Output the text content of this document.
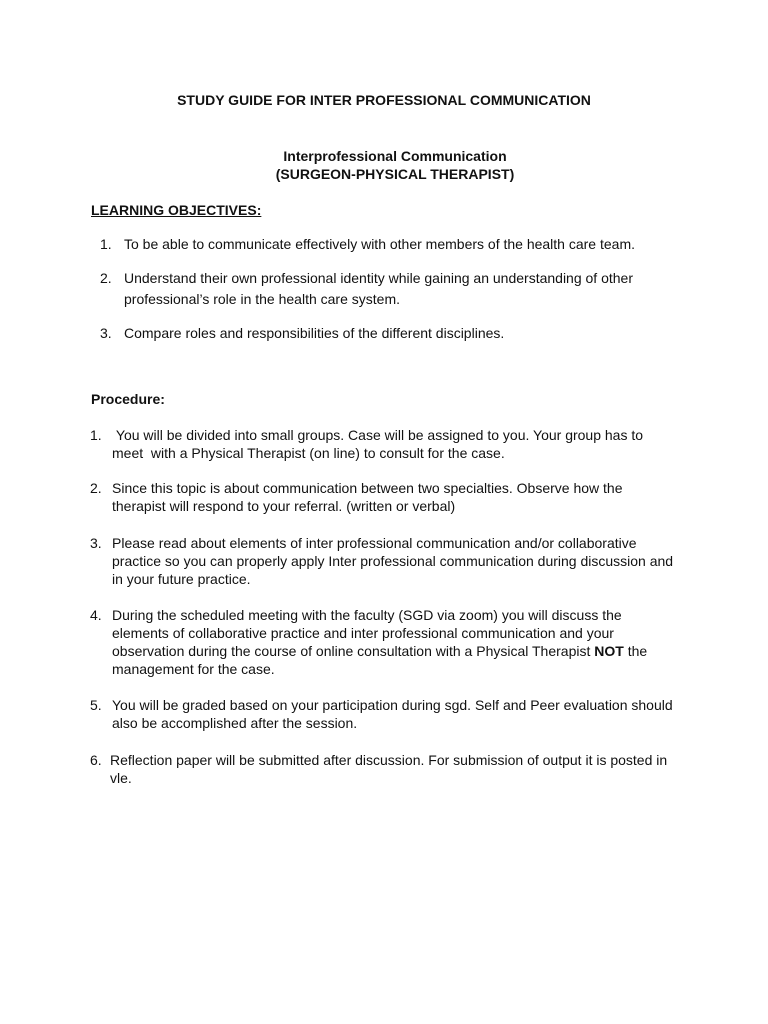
STUDY GUIDE FOR INTER PROFESSIONAL COMMUNICATION
Interprofessional Communication
(SURGEON-PHYSICAL THERAPIST)
LEARNING OBJECTIVES:
1. To be able to communicate effectively with other members of the health care team.
2. Understand their own professional identity while gaining an understanding of other professional’s role in the health care system.
3. Compare roles and responsibilities of the different disciplines.
Procedure:
1. You will be divided into small groups. Case will be assigned to you. Your group has to meet  with a Physical Therapist (on line) to consult for the case.
2. Since this topic is about communication between two specialties. Observe how the therapist will respond to your referral. (written or verbal)
3. Please read about elements of inter professional communication and/or collaborative practice so you can properly apply Inter professional communication during discussion and in your future practice.
4. During the scheduled meeting with the faculty (SGD via zoom) you will discuss the elements of collaborative practice and inter professional communication and your observation during the course of online consultation with a Physical Therapist NOT the management for the case.
5. You will be graded based on your participation during sgd. Self and Peer evaluation should also be accomplished after the session.
6. Reflection paper will be submitted after discussion. For submission of output it is posted in vle.
